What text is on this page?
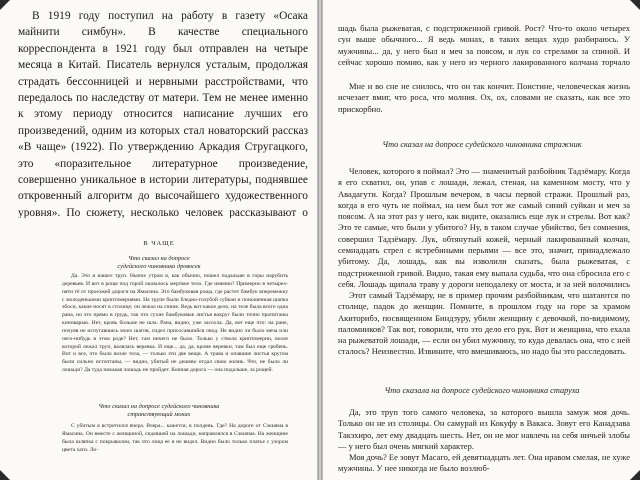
В 1919 году поступил на работу в газету «Осака майнити симбун». В качестве специального корреспондента в 1921 году был отправлен на четыре месяца в Китай. Писатель вернулся усталым, продолжая страдать бессонницей и нервными расстройствами, что передалось по наследству от матери. Тем не менее именно к этому периоду относится написание лучших его произведений, одним из которых стал новаторский рассказ «В чаще» (1922). По утверждению Аркадия Стругацкого, это «поразительное литературное произведение, совершенно уникальное в истории литературы, поднявшее откровенный алгоритм до высочайшего художественного уровня». По сюжету, несколько человек рассказывают о

В ЧАЩЕ
Что сказал на допросе
судейского чиновника дровосек
Да. Это я нашел труп. Нынче утром я, как обычно, пошел подальше в горы нарубить деревьев. И вот в роще под горой оказалось мертвое тело. Где именно? Примерно в четырех-пяти тё от проезжей дороги на Ямасина. Это бамбуковая роща, где растет бамбук вперемежку с молоденькими криптомериями. На трупе были бледно-голубой суйкан и поношенная шапка эбоси, какие носят в столице; он лежал на спине. Ведь вот какое дело, на теле была всего одна рана, но это прямо в грудь, так что сухие бамбуковые листья вокруг были точно пропитаны киноварью. Нет, кровь больше не шла. Рана, видно, уже засохла. Да, вот еще что: на ране, почуяв не испугавшись моих шагов, сидел присосавшийся овод. Не видно ли было меча или чего-нибудь в этом роде? Нет, там ничего не было. Только у ствола криптомерии, возле которой лежал труп, валялась веревка. И еще... да, да, кроме веревки, там был еще гребень. Вот и все, что было возле тела, — только эти две вещи. А трава и опавшие листья кругом были сильно истоптаны, — видно, убитый не дешево отдал свою жизнь. Что, не было ли лошади? Да туда никакая лошадь не пройдет. Конная дорога — она подальше, за рощей.
Что сказал на допросе судейского чиновника
странствующий монах
С убитым я встретился вчера. Вчера... кажется, в полдень. Где? На дороге от Сэкияма в Ямасина. Он вместе с женщиной, сидевшей на лошади, направлялся в Сэкияма. На женщине была шляпка с покрывалом, так что лица ее я не видел. Видно было только платье с узором цвета хаги. Ло-

шадь была рыжеватая, с подстриженной гривой. Рост? Что-то около четырех сун выше обычного... Я ведь монах, в таких вещах худо разбираюсь. У мужчины... да, у него был и меч за поясом, и лук со стрелами за спиной. И сейчас хорошо помню, как у него из черного лакированного колчана торчало

Мне и во сне не снилось, что он так кончит. Поистине, человеческая жизнь исчезает вмиг, что роса, что молния. Ох, ох, словами не сказать, как все это прискорбно.

Что сказал на допросе судейского чиновника стражник

Человек, которого я поймал? Это — знаменитый разбойник Тадзёмару. Когда я его схватил, он, упав с лошади, лежал, стеная, на каменном мосту, что у Авадагути. Когда? Прошлым вечером, в часы первой стражи. Прошлый раз, когда я его чуть не поймал, на нем был тот же самый синий суйкан и меч за поясом. А на этот раз у него, как видите, оказались еще лук и стрелы. Вот как? Это те самые, что были у убитого? Ну, в таком случае убийство, без сомнения, совершил Тадзёмару. Лук, обтянутый кожей, черный лакированный колчан, семнадцать стрел с ястребиными перьями — все это, значит, принадлежало убитому. Да, лошадь, как вы изволили сказать, была рыжеватая, с подстриженной гривой. Видно, такая ему выпала судьба, что она сбросила его с себя. Лошадь щипала траву у дороги неподалеку от моста, и за ней волочились

Этот самый Тадзёмару, не в пример прочим разбойникам, что шатаются по столице, падок до женщин. Помните, в прошлом году на горе за храмом Акиторибэ, посвященном Биндзуру, убили женщину с девочкой, по-видимому, паломников? Так вот, говорили, что это дело его рук. Вот и женщина, что ехала на рыжеватой лошади, — если он убил мужчину, то куда девалась она, что с ней сталось? Неизвестно. Извините, что вмешиваюсь, но надо бы это расследовать.

Что сказала на допросе судейского чиновника старуха

Да, это труп того самого человека, за которого вышла замуж моя дочь. Только он не из столицы. Он самурай из Кокуфу в Вакаса. Зовут его Канадзава Такэхиро, лет ему двадцать шесть. Нет, он не мог навлечь на себя ничьей злобы — у него был очень мягкий характер.

Моя дочь? Ее зовут Масаго, ей девятнадцать лет. Она нравом смелая, не хуже мужчины. У нее никогда не было возлюб-
